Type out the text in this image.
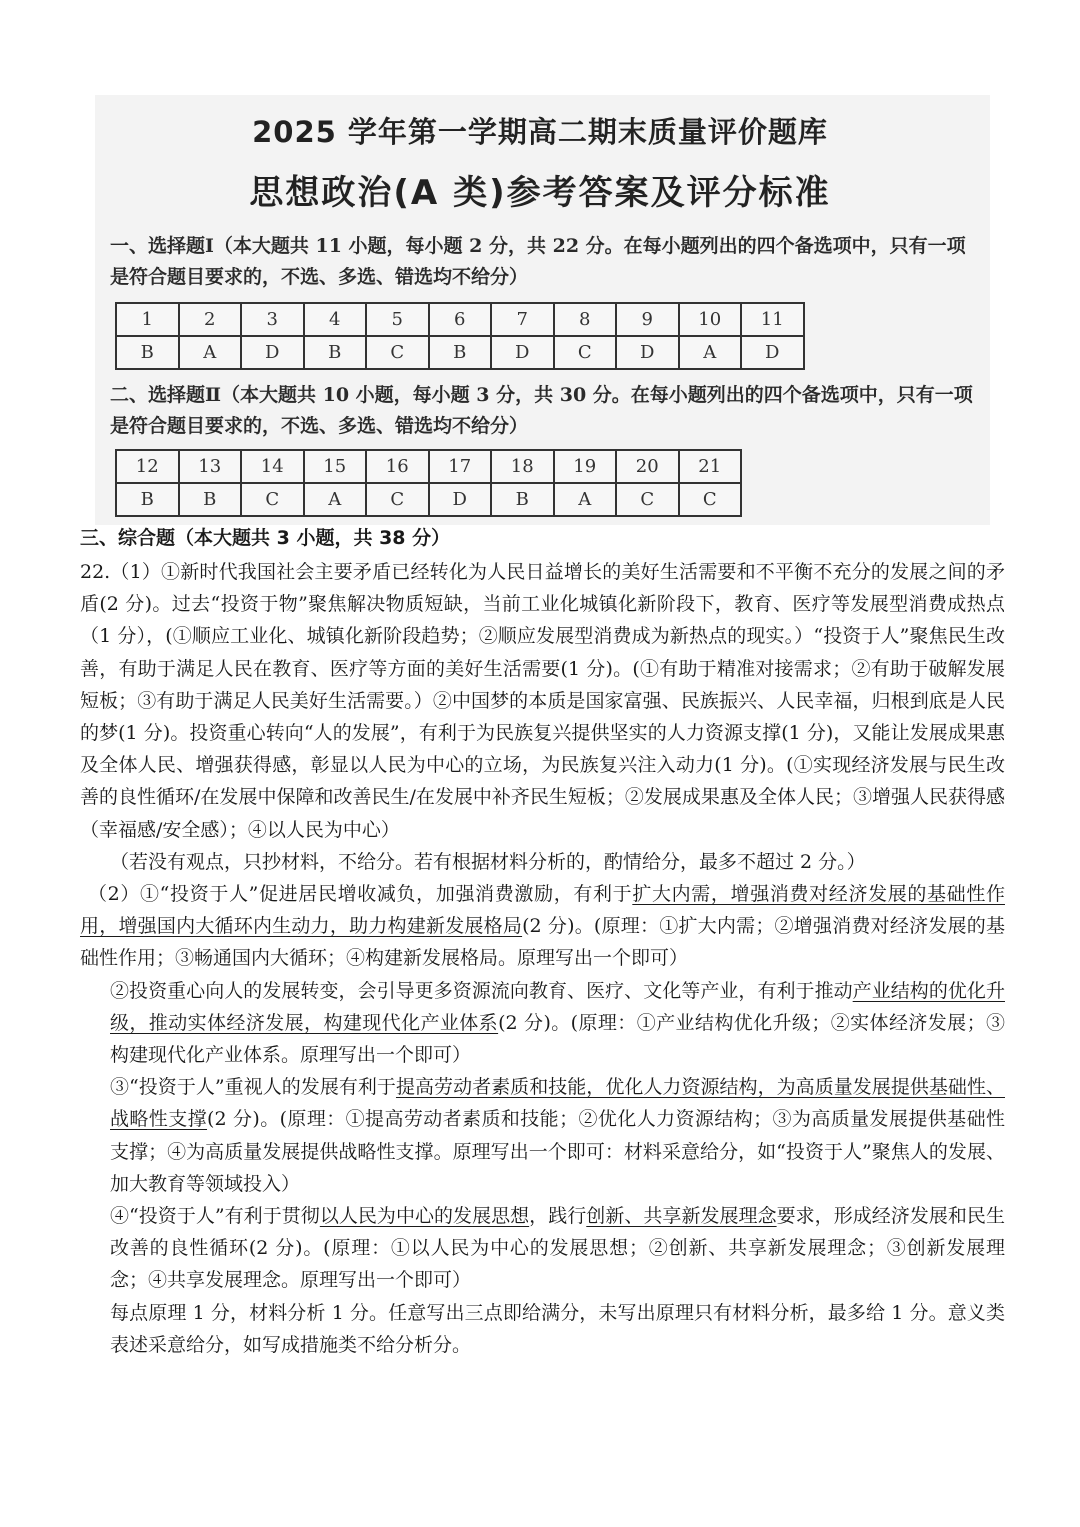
2025 学年第一学期高二期末质量评价题库
思想政治(A 类)参考答案及评分标准
一、选择题Ⅰ（本大题共 11 小题，每小题 2 分，共 22 分。在每小题列出的四个备选项中，只有一项是符合题目要求的，不选、多选、错选均不给分）
1	2	3	4	5	6	7	8	9	10	11
B	A	D	B	C	B	D	C	D	A	D
二、选择题Ⅱ（本大题共 10 小题，每小题 3 分，共 30 分。在每小题列出的四个备选项中，只有一项是符合题目要求的，不选、多选、错选均不给分）
12	13	14	15	16	17	18	19	20	21
B	B	C	A	C	D	B	A	C	C
三、综合题（本大题共 3 小题，共 38 分）

22.（1）①新时代我国社会主要矛盾已经转化为人民日益增长的美好生活需要和不平衡不充分的发展之间的矛盾(2 分)。过去“投资于物”聚焦解决物质短缺，当前工业化城镇化新阶段下，教育、医疗等发展型消费成热点（1 分），(①顺应工业化、城镇化新阶段趋势；②顺应发展型消费成为新热点的现实。）“投资于人”聚焦民生改善，有助于满足人民在教育、医疗等方面的美好生活需要(1 分)。(①有助于精准对接需求；②有助于破解发展短板；③有助于满足人民美好生活需要。）②中国梦的本质是国家富强、民族振兴、人民幸福，归根到底是人民的梦(1 分)。投资重心转向“人的发展”，有利于为民族复兴提供坚实的人力资源支撑(1 分)，又能让发展成果惠及全体人民、增强获得感，彰显以人民为中心的立场，为民族复兴注入动力(1 分)。(①实现经济发展与民生改善的良性循环/在发展中保障和改善民生/在发展中补齐民生短板；②发展成果惠及全体人民；③增强人民获得感（幸福感/安全感）；④以人民为中心）

（若没有观点，只抄材料，不给分。若有根据材料分析的，酌情给分，最多不超过 2 分。）

（2）①“投资于人”促进居民增收减负，加强消费激励，有利于扩大内需，增强消费对经济发展的基础性作用，增强国内大循环内生动力，助力构建新发展格局(2 分)。(原理：①扩大内需；②增强消费对经济发展的基础性作用；③畅通国内大循环；④构建新发展格局。原理写出一个即可）

②投资重心向人的发展转变，会引导更多资源流向教育、医疗、文化等产业，有利于推动产业结构的优化升级，推动实体经济发展，构建现代化产业体系(2 分)。(原理：①产业结构优化升级；②实体经济发展；③构建现代化产业体系。原理写出一个即可）

③“投资于人”重视人的发展有利于提高劳动者素质和技能，优化人力资源结构，为高质量发展提供基础性、战略性支撑(2 分)。(原理：①提高劳动者素质和技能；②优化人力资源结构；③为高质量发展提供基础性支撑；④为高质量发展提供战略性支撑。原理写出一个即可：材料采意给分，如“投资于人”聚焦人的发展、加大教育等领域投入）

④“投资于人”有利于贯彻以人民为中心的发展思想，践行创新、共享新发展理念要求，形成经济发展和民生改善的良性循环(2 分)。(原理：①以人民为中心的发展思想；②创新、共享新发展理念；③创新发展理念；④共享发展理念。原理写出一个即可）

每点原理 1 分，材料分析 1 分。任意写出三点即给满分，未写出原理只有材料分析，最多给 1 分。意义类表述采意给分，如写成措施类不给分析分。
